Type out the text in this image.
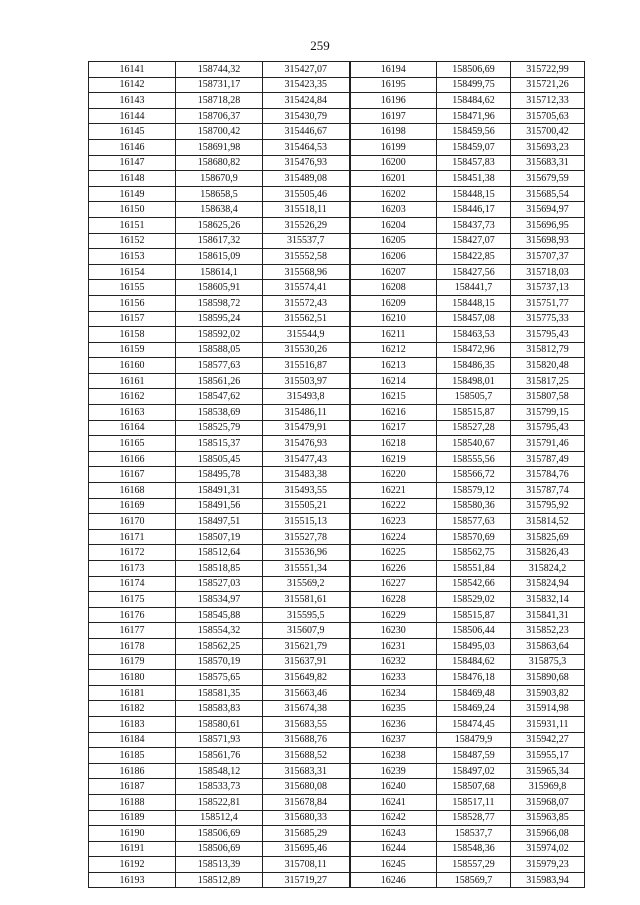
259
16141	158744,32	315427,07	16194	158506,69	315722,99
16142	158731,17	315423,35	16195	158499,75	315721,26
16143	158718,28	315424,84	16196	158484,62	315712,33
16144	158706,37	315430,79	16197	158471,96	315705,63
16145	158700,42	315446,67	16198	158459,56	315700,42
16146	158691,98	315464,53	16199	158459,07	315693,23
16147	158680,82	315476,93	16200	158457,83	315683,31
16148	158670,9	315489,08	16201	158451,38	315679,59
16149	158658,5	315505,46	16202	158448,15	315685,54
16150	158638,4	315518,11	16203	158446,17	315694,97
16151	158625,26	315526,29	16204	158437,73	315696,95
16152	158617,32	315537,7	16205	158427,07	315698,93
16153	158615,09	315552,58	16206	158422,85	315707,37
16154	158614,1	315568,96	16207	158427,56	315718,03
16155	158605,91	315574,41	16208	158441,7	315737,13
16156	158598,72	315572,43	16209	158448,15	315751,77
16157	158595,24	315562,51	16210	158457,08	315775,33
16158	158592,02	315544,9	16211	158463,53	315795,43
16159	158588,05	315530,26	16212	158472,96	315812,79
16160	158577,63	315516,87	16213	158486,35	315820,48
16161	158561,26	315503,97	16214	158498,01	315817,25
16162	158547,62	315493,8	16215	158505,7	315807,58
16163	158538,69	315486,11	16216	158515,87	315799,15
16164	158525,79	315479,91	16217	158527,28	315795,43
16165	158515,37	315476,93	16218	158540,67	315791,46
16166	158505,45	315477,43	16219	158555,56	315787,49
16167	158495,78	315483,38	16220	158566,72	315784,76
16168	158491,31	315493,55	16221	158579,12	315787,74
16169	158491,56	315505,21	16222	158580,36	315795,92
16170	158497,51	315515,13	16223	158577,63	315814,52
16171	158507,19	315527,78	16224	158570,69	315825,69
16172	158512,64	315536,96	16225	158562,75	315826,43
16173	158518,85	315551,34	16226	158551,84	315824,2
16174	158527,03	315569,2	16227	158542,66	315824,94
16175	158534,97	315581,61	16228	158529,02	315832,14
16176	158545,88	315595,5	16229	158515,87	315841,31
16177	158554,32	315607,9	16230	158506,44	315852,23
16178	158562,25	315621,79	16231	158495,03	315863,64
16179	158570,19	315637,91	16232	158484,62	315875,3
16180	158575,65	315649,82	16233	158476,18	315890,68
16181	158581,35	315663,46	16234	158469,48	315903,82
16182	158583,83	315674,38	16235	158469,24	315914,98
16183	158580,61	315683,55	16236	158474,45	315931,11
16184	158571,93	315688,76	16237	158479,9	315942,27
16185	158561,76	315688,52	16238	158487,59	315955,17
16186	158548,12	315683,31	16239	158497,02	315965,34
16187	158533,73	315680,08	16240	158507,68	315969,8
16188	158522,81	315678,84	16241	158517,11	315968,07
16189	158512,4	315680,33	16242	158528,77	315963,85
16190	158506,69	315685,29	16243	158537,7	315966,08
16191	158506,69	315695,46	16244	158548,36	315974,02
16192	158513,39	315708,11	16245	158557,29	315979,23
16193	158512,89	315719,27	16246	158569,7	315983,94
